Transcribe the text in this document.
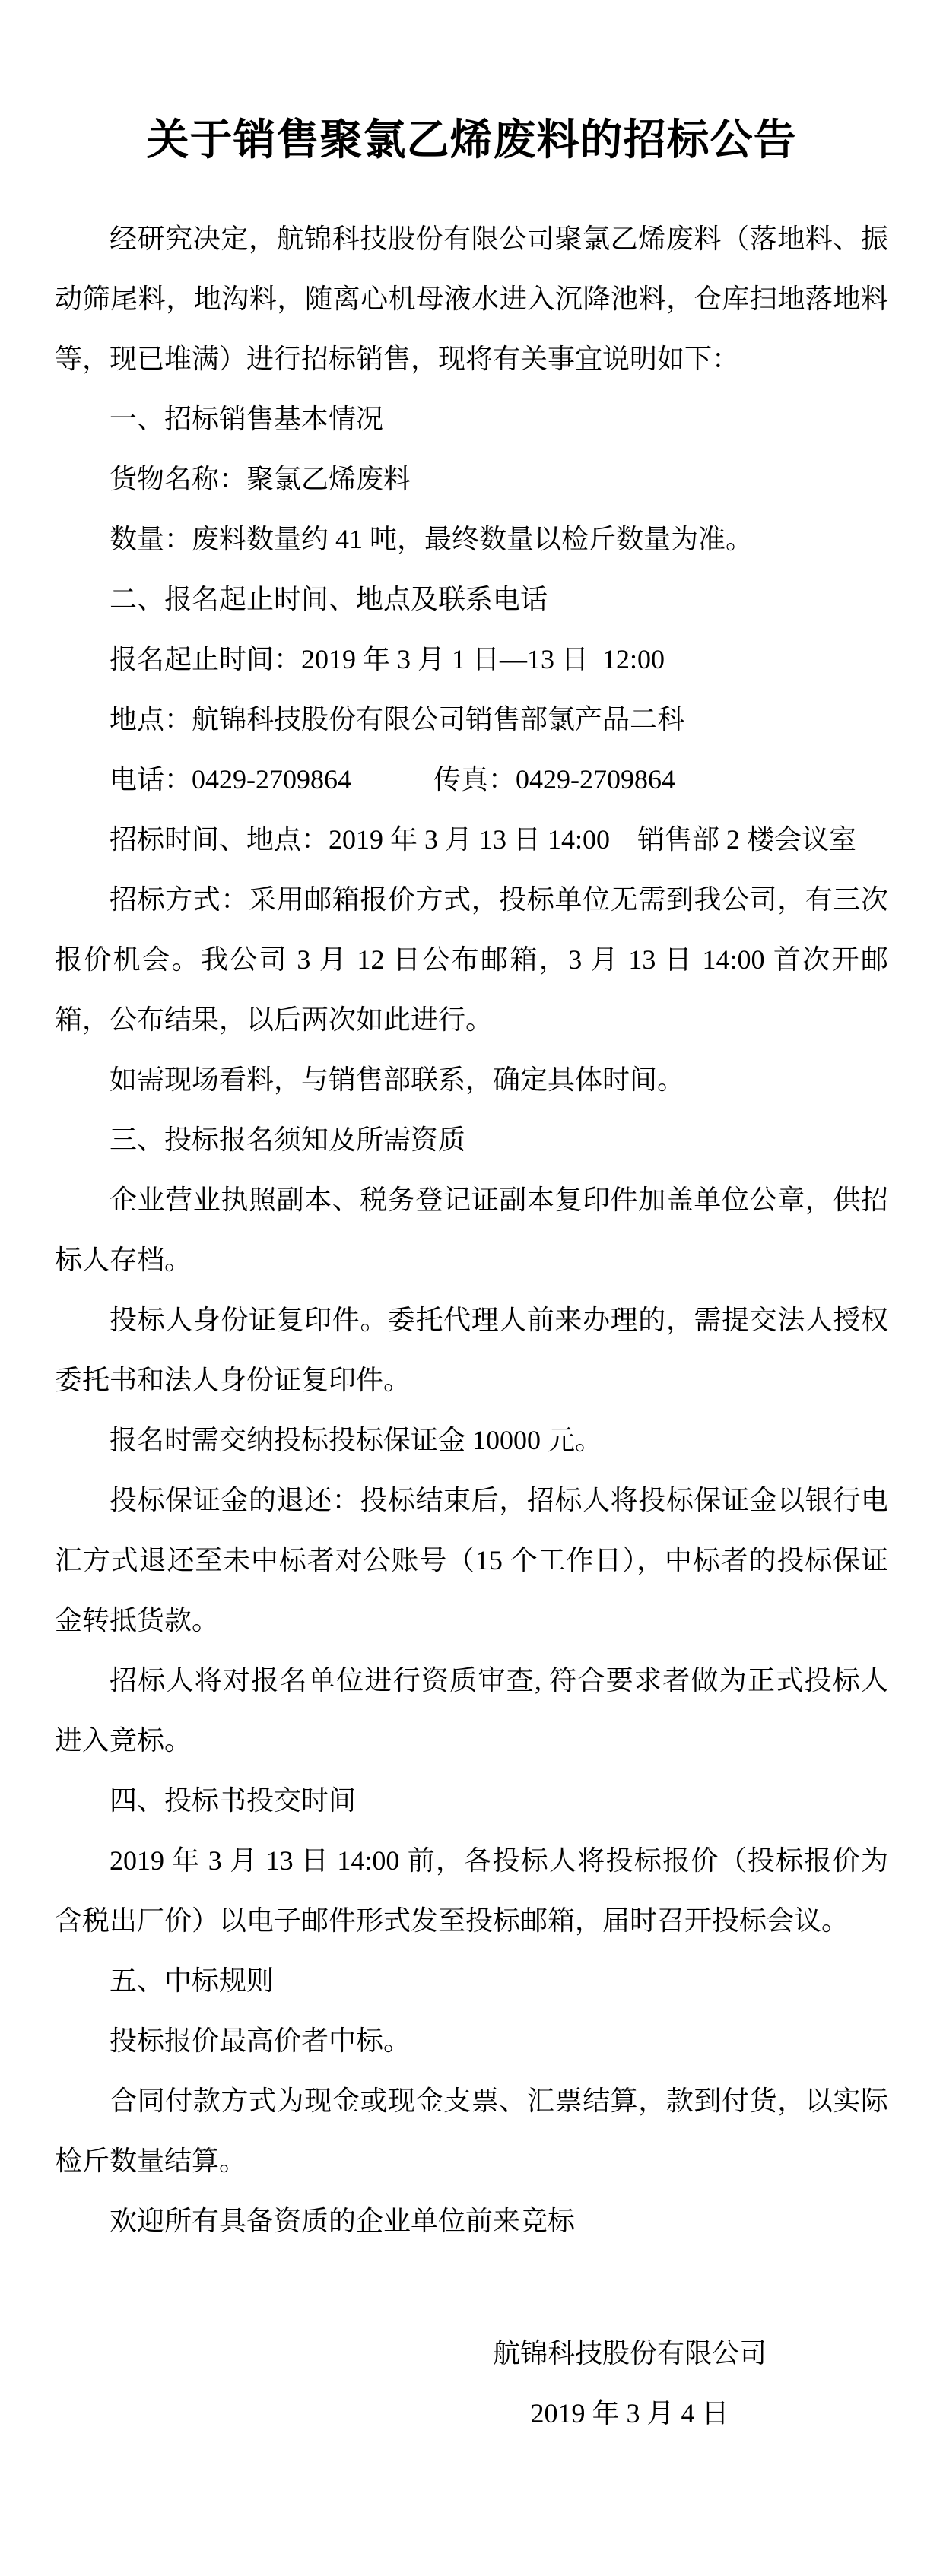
关于销售聚氯乙烯废料的招标公告

经研究决定，航锦科技股份有限公司聚氯乙烯废料（落地料、振动筛尾料，地沟料，随离心机母液水进入沉降池料，仓库扫地落地料等，现已堆满）进行招标销售，现将有关事宜说明如下：

一、招标销售基本情况

货物名称：聚氯乙烯废料

数量：废料数量约 41 吨，最终数量以检斤数量为准。

二、报名起止时间、地点及联系电话

报名起止时间：2019 年 3 月 1 日—13 日  12:00

地点：航锦科技股份有限公司销售部氯产品二科

电话：0429-2709864　　　传真：0429-2709864

招标时间、地点：2019 年 3 月 13 日 14:00　销售部 2 楼会议室

招标方式：采用邮箱报价方式，投标单位无需到我公司，有三次报价机会。我公司 3 月 12 日公布邮箱，3 月 13 日 14:00 首次开邮箱，公布结果，以后两次如此进行。

如需现场看料，与销售部联系，确定具体时间。

三、投标报名须知及所需资质

企业营业执照副本、税务登记证副本复印件加盖单位公章，供招标人存档。

投标人身份证复印件。委托代理人前来办理的，需提交法人授权委托书和法人身份证复印件。

报名时需交纳投标投标保证金 10000 元。

投标保证金的退还：投标结束后，招标人将投标保证金以银行电汇方式退还至未中标者对公账号（15 个工作日），中标者的投标保证金转抵货款。

招标人将对报名单位进行资质审查, 符合要求者做为正式投标人进入竞标。

四、投标书投交时间

2019 年 3 月 13 日 14:00 前，各投标人将投标报价（投标报价为含税出厂价）以电子邮件形式发至投标邮箱，届时召开投标会议。

五、中标规则

投标报价最高价者中标。

合同付款方式为现金或现金支票、汇票结算，款到付货，以实际检斤数量结算。

欢迎所有具备资质的企业单位前来竞标

航锦科技股份有限公司
2019 年 3 月 4 日
